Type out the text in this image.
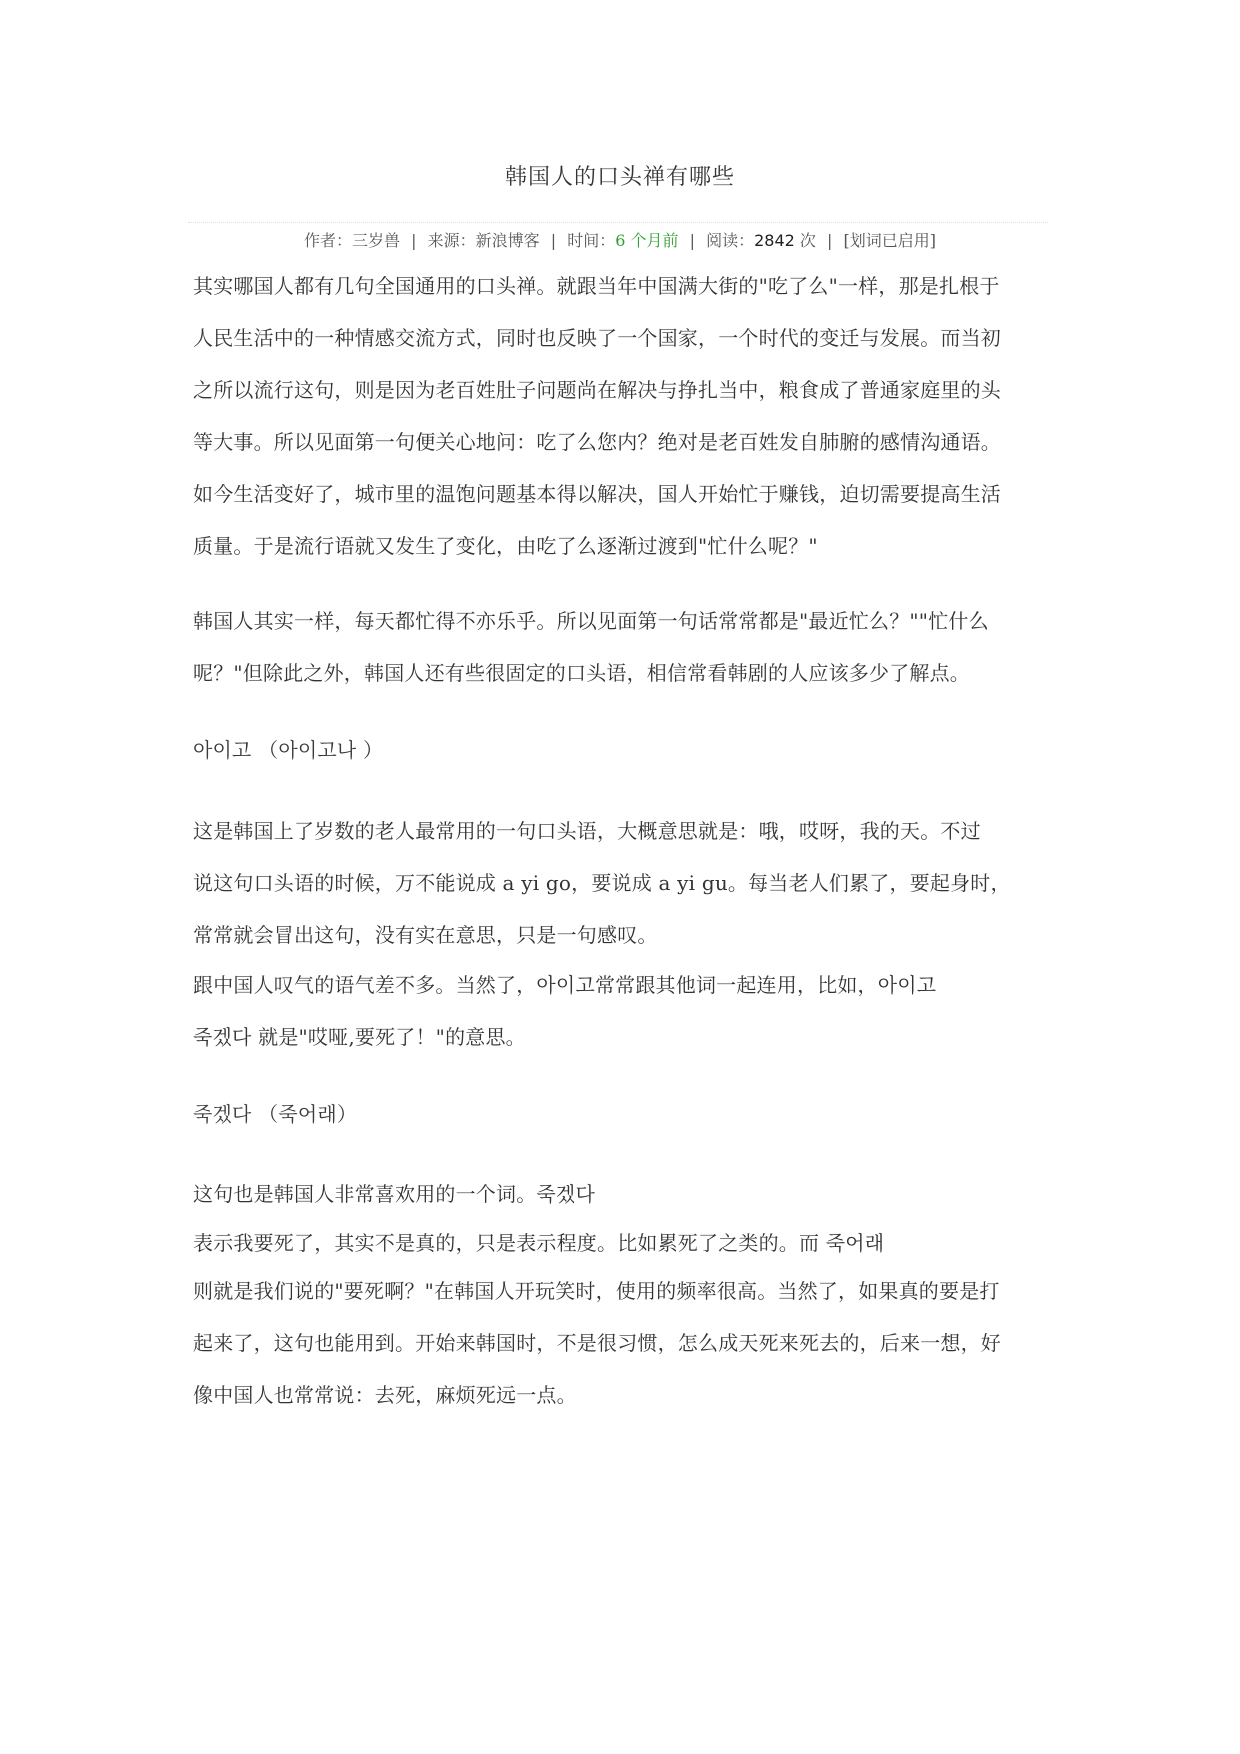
韩国人的口头禅有哪些
作者：三岁兽 | 来源：新浪博客 | 时间：6 个月前 | 阅读：2842 次 | [划词已启用]
其实哪国人都有几句全国通用的口头禅。就跟当年中国满大街的"吃了么"一样，那是扎根于
人民生活中的一种情感交流方式，同时也反映了一个国家，一个时代的变迁与发展。而当初
之所以流行这句，则是因为老百姓肚子问题尚在解决与挣扎当中，粮食成了普通家庭里的头
等大事。所以见面第一句便关心地问：吃了么您内？绝对是老百姓发自肺腑的感情沟通语。
如今生活变好了，城市里的温饱问题基本得以解决，国人开始忙于赚钱，迫切需要提高生活
质量。于是流行语就又发生了变化，由吃了么逐渐过渡到"忙什么呢？"
韩国人其实一样，每天都忙得不亦乐乎。所以见面第一句话常常都是"最近忙么？""忙什么
呢？"但除此之外，韩国人还有些很固定的口头语，相信常看韩剧的人应该多少了解点。
아이고 （아이고나 ）
这是韩国上了岁数的老人最常用的一句口头语，大概意思就是：哦，哎呀，我的天。不过
说这句口头语的时候，万不能说成 a yi go，要说成 a yi gu。每当老人们累了，要起身时，
常常就会冒出这句，没有实在意思，只是一句感叹。
跟中国人叹气的语气差不多。当然了，아이고常常跟其他词一起连用，比如，아이고
죽겠다 就是"哎哑,要死了！"的意思。
죽겠다 （죽어래）
这句也是韩国人非常喜欢用的一个词。죽겠다
表示我要死了，其实不是真的，只是表示程度。比如累死了之类的。而 죽어래
则就是我们说的"要死啊？"在韩国人开玩笑时，使用的频率很高。当然了，如果真的要是打
起来了，这句也能用到。开始来韩国时，不是很习惯，怎么成天死来死去的，后来一想，好
像中国人也常常说：去死，麻烦死远一点。
